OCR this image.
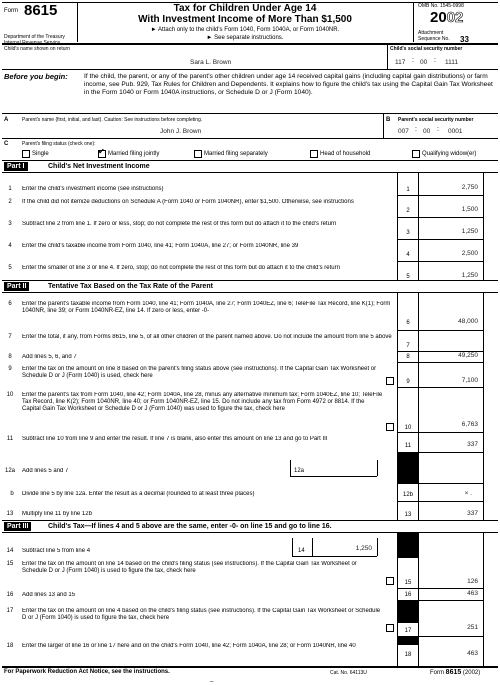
Form 8615
Department of the Treasury
Internal Revenue Service
Tax for Children Under Age 14
With Investment Income of More Than $1,500
► Attach only to the child's Form 1040, Form 1040A, or Form 1040NR.
► See separate instructions.
OMB No. 1545-0998
2002
Attachment
Sequence No. 33
Child's name shown on return
Sara L. Brown
Child's social security number
117 : 00 : 1111
Before you begin:	If the child, the parent, or any of the parent's other children under age 14 received capital gains (including capital gain distributions) or farm income, see Pub. 929, Tax Rules for Children and Dependents. It explains how to figure the child's tax using the Capital Gain Tax Worksheet in the Form 1040 or Form 1040A instructions, or Schedule D or J (Form 1040).
A	Parent's name (first, initial, and last). Caution: See instructions before completing.
John J. Brown
B Parent's social security number
007 : 00 : 0001
C	Parent's filing status (check one):
Single	✔ Married filing jointly	Married filing separately	Head of household	Qualifying widow(er)
Part I	Child's Net Investment Income
1	Enter the child's investment income (see instructions)	1	2,750
2	If the child did not itemize deductions on Schedule A (Form 1040 or Form 1040NR), enter $1,500. Otherwise, see instructions
2	1,500
3	Subtract line 2 from line 1. If zero or less, stop; do not complete the rest of this form but do attach it to the child's return
3	1,250
4	Enter the child's taxable income from Form 1040, line 41; Form 1040A, line 27; or Form 1040NR, line 39
4	2,500
5	Enter the smaller of line 3 or line 4. If zero, stop; do not complete the rest of this form but do attach it to the child's return
5	1,250
Part II	Tentative Tax Based on the Tax Rate of the Parent
6	Enter the parent's taxable income from Form 1040, line 41; Form 1040A, line 27; Form 1040EZ, line 6; TeleFile Tax Record, line K(1); Form 1040NR, line 39; or Form 1040NR-EZ, line 14. If zero or less, enter -0-
6	48,000
7	Enter the total, if any, from Forms 8615, line 5, of all other children of the parent named above. Do not include the amount from line 5 above
7
8	Add lines 5, 6, and 7	8	49,250
9	Enter the tax on the amount on line 8 based on the parent's filing status above (see instructions). If the Capital Gain Tax Worksheet or Schedule D or J (Form 1040) is used, check here
9	7,100
10	Enter the parent's tax from Form 1040, line 42; Form 1040A, line 28, minus any alternative minimum tax; Form 1040EZ, line 10; TeleFile Tax Record, line K(2); Form 1040NR, line 40; or Form 1040NR-EZ, line 15. Do not include any tax from Form 4972 or 8814. If the Capital Gain Tax Worksheet or Schedule D or J (Form 1040) was used to figure the tax, check here
10	6,763
11	Subtract line 10 from line 9 and enter the result. If line 7 is blank, also enter this amount on line 13 and go to Part III
11	337
12a	Add lines 5 and 7	12a
b	Divide line 5 by line 12a. Enter the result as a decimal (rounded to at least three places)	12b	× .
13	Multiply line 11 by line 12b	13	337
Part III	Child's Tax—If lines 4 and 5 above are the same, enter -0- on line 15 and go to line 16.
14	Subtract line 5 from line 4	14	1,250
15	Enter the tax on the amount on line 14 based on the child's filing status (see instructions). If the Capital Gain Tax Worksheet or Schedule D or J (Form 1040) is used to figure the tax, check here
15	126
16	Add lines 13 and 15	16	463
17	Enter the tax on the amount on line 4 based on the child's filing status (see instructions). If the Capital Gain Tax Worksheet or Schedule D or J (Form 1040) is used to figure the tax, check here
17	251
18	Enter the larger of line 16 or line 17 here and on the child's Form 1040, line 42; Form 1040A, line 28; or Form 1040NR, line 40
18	463
For Paperwork Reduction Act Notice, see the instructions.	Cat. No. 64113U	Form 8615 (2002)
_
